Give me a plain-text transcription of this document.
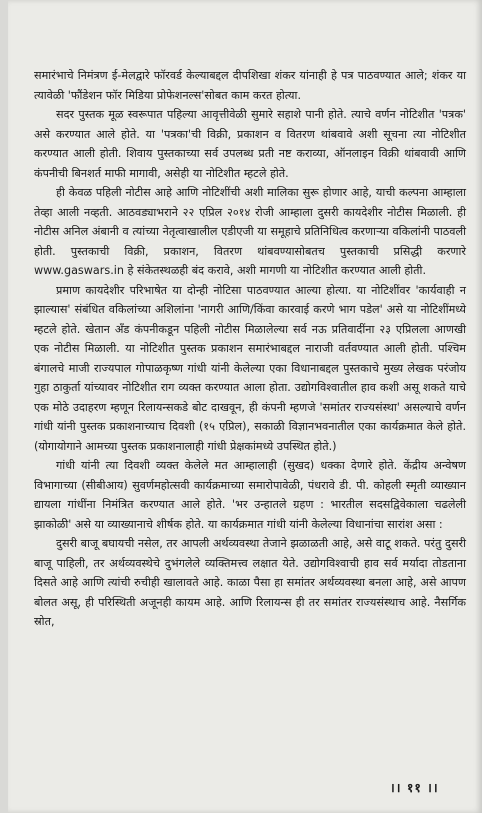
समारंभाचे निमंत्रण ई-मेलद्वारे फॉरवर्ड केल्याबद्दल दीपशिखा शंकर यांनाही हे पत्र पाठवण्यात आले; शंकर या त्यावेळी 'फौंडेशन फॉर मिडिया प्रोफेशनल्स'सोबत काम करत होत्या.

सदर पुस्तक मूळ स्वरूपात पहिल्या आवृत्तीवेळी सुमारे सहाशे पानी होते. त्याचे वर्णन नोटिशीत 'पत्रक' असे करण्यात आले होते. या 'पत्रका'ची विक्री, प्रकाशन व वितरण थांबवावे अशी सूचना त्या नोटिशीत करण्यात आली होती. शिवाय पुस्तकाच्या सर्व उपलब्ध प्रती नष्ट कराव्या, ऑनलाइन विक्री थांबवावी आणि कंपनीची बिनशर्त माफी मागावी, असेही या नोटिशीत म्हटले होते.

ही केवळ पहिली नोटीस आहे आणि नोटिशींची अशी मालिका सुरू होणार आहे, याची कल्पना आम्हाला तेव्हा आली नव्हती. आठवड्याभराने २२ एप्रिल २०१४ रोजी आम्हाला दुसरी कायदेशीर नोटीस मिळाली. ही नोटीस अनिल अंबानी व त्यांच्या नेतृत्वाखालील एडीएजी या समूहाचे प्रतिनिधित्व करणाऱ्या वकिलांनी पाठवली होती. पुस्तकाची विक्री, प्रकाशन, वितरण थांबवण्यासोबतच पुस्तकाची प्रसिद्धी करणारे www.gaswars.in हे संकेतस्थळही बंद करावे, अशी मागणी या नोटिशीत करण्यात आली होती.

प्रमाण कायदेशीर परिभाषेत या दोन्ही नोटिसा पाठवण्यात आल्या होत्या. या नोटिशींवर 'कार्यवाही न झाल्यास' संबंधित वकिलांच्या अशिलांना 'नागरी आणि/किंवा कारवाई करणे भाग पडेल' असे या नोटिशींमध्ये म्हटले होते. खेतान अँड कंपनीकडून पहिली नोटीस मिळालेल्या सर्व नऊ प्रतिवादींना २३ एप्रिलला आणखी एक नोटीस मिळाली. या नोटिशीत पुस्तक प्रकाशन समारंभाबद्दल नाराजी वर्तवण्यात आली होती. पश्चिम बंगालचे माजी राज्यपाल गोपाळकृष्ण गांधी यांनी केलेल्या एका विधानाबद्दल पुस्तकाचे मुख्य लेखक परंजोय गुहा ठाकुर्ता यांच्यावर नोटिशीत राग व्यक्त करण्यात आला होता. उद्योगविश्वातील हाव कशी असू शकते याचे एक मोठे उदाहरण म्हणून रिलायन्सकडे बोट दाखवून, ही कंपनी म्हणजे 'समांतर राज्यसंस्था' असल्याचे वर्णन गांधी यांनी पुस्तक प्रकाशनाच्याच दिवशी (१५ एप्रिल), सकाळी विज्ञानभवनातील एका कार्यक्रमात केले होते. (योगायोगाने आमच्या पुस्तक प्रकाशनालाही गांधी प्रेक्षकांमध्ये उपस्थित होते.)

गांधी यांनी त्या दिवशी व्यक्त केलेले मत आम्हालाही (सुखद) धक्का देणारे होते. केंद्रीय अन्वेषण विभागाच्या (सीबीआय) सुवर्णमहोत्सवी कार्यक्रमाच्या समारोपावेळी, पंधरावे डी. पी. कोहली स्मृती व्याख्यान द्यायला गांधींना निमंत्रित करण्यात आले होते. 'भर उन्हातले ग्रहण : भारतील सदसद्विवेकाला चढलेली झाकोळी' असे या व्याख्यानाचे शीर्षक होते. या कार्यक्रमात गांधी यांनी केलेल्या विधानांचा सारांश असा :

दुसरी बाजू बघायची नसेल, तर आपली अर्थव्यवस्था तेजाने झळाळती आहे, असे वाटू शकते. परंतु दुसरी बाजू पाहिली, तर अर्थव्यवस्थेचे दुभंगलेले व्यक्तिमत्त्व लक्षात येते. उद्योगविश्वाची हाव सर्व मर्यादा तोडताना दिसते आहे आणि त्यांची रुचीही खालावते आहे. काळा पैसा हा समांतर अर्थव्यवस्था बनला आहे, असे आपण बोलत असू, ही परिस्थिती अजूनही कायम आहे. आणि रिलायन्स ही तर समांतर राज्यसंस्थाच आहे. नैसर्गिक स्रोत,

।। ११ ।।
